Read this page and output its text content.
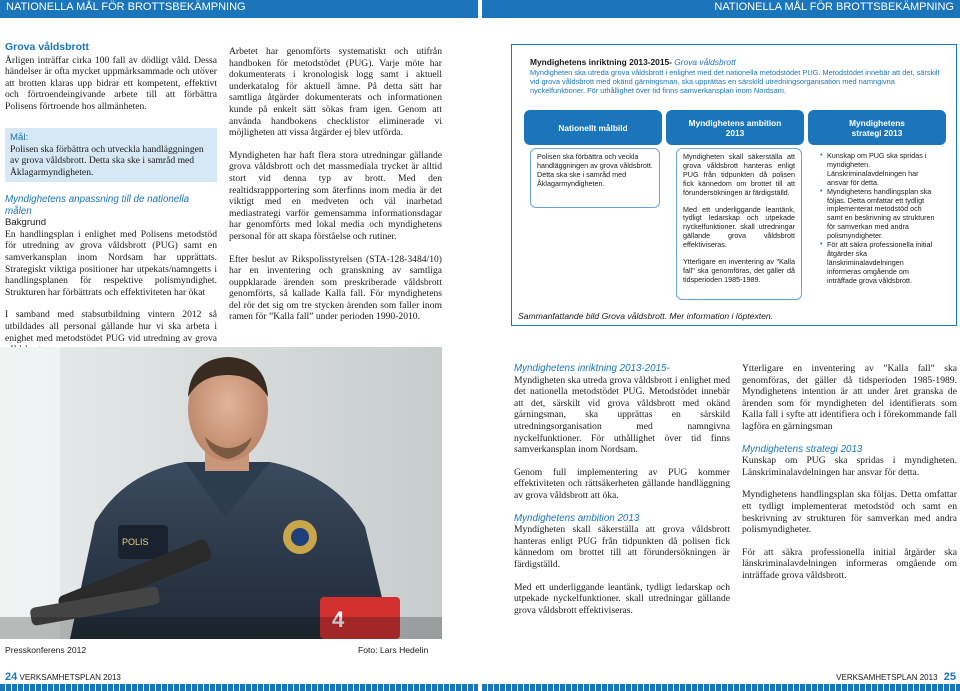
NATIONELLA MÅL FÖR BROTTSBEKÄMPNING	NATIONELLA MÅL FÖR BROTTSBEKÄMPNING
Grova våldsbrott

Årligen inträffar cirka 100 fall av dödligt våld. Dessa händelser är ofta mycket uppmärksammade och utöver att brotten klaras upp bidrar ett kompetent, effektivt och förtroendeingivande arbete till att förbättra Polisens förtroende hos allmänheten.

Mål:
Polisen ska förbättra och utveckla handläggningen av grova våldsbrott. Detta ska ske i samråd med Åklagarmyndigheten.
Myndighetens anpassning till de nationella målen
Bakgrund

En handlingsplan i enlighet med Polisens metodstöd för utredning av grova våldsbrott (PUG) samt en samverkansplan inom Nordsam har upprättats. Strategiskt viktiga positioner har utpekats/namngetts i handlingsplanen för respektive polismyndighet. Strukturen har förbättrats och effektiviteten har ökat

I samband med stabsutbildning vintern 2012 så utbildades all personal gällande hur vi ska arbeta i enighet med metodstödet PUG vid utredning av grova

Arbetet har genomförts systematiskt och utifrån handboken för metodstödet (PUG). Varje möte har dokumenterats i kronologisk logg samt i aktuell underkatalog för aktuell ämne. På detta sätt har samtliga åtgärder dokumenterats och informationen kunde på enkelt sätt sökas fram igen. Genom att använda handbokens checklistor eliminerade vi möjligheten att vissa åtgärder ej blev utförda.

Myndigheten har haft flera stora utredningar gällande grova våldsbrott och det massmediala trycket är alltid stort vid denna typ av brott. Med den realtidsrappportering som återfinns inom media är det viktigt med en medveten och väl inarbetad mediastrategi varför gemensamma informationsdagar har genomförts med lokal media och myndighetens personal för att skapa förståelse och rutiner.

Efter beslut av Rikspolisstyrelsen (STA-128-3484/10) har en inventering och granskning av samtliga ouppklarade ärenden som preskriberade våldsbrott genomförts, så kallade Kalla fall. För myndighetens del rör det sig om tre stycken ärenden som faller inom ramen för ”Kalla fall” under perioden 1990-2010.

Myndighetens inriktning 2013-2015- Grova våldsbrott
Myndigheten ska utreda grova våldsbrott i enlighet med det nationella metodstödet PUG. Metodstödet innebär att det, särskilt vid grova våldsbrott med okänd gärningsman, ska upprättas en särskild utredningsorganisation med namngivna nyckelfunktioner. För uthållighet över tid finns samverkansplan inom Nordsam.
Nationellt målbild	Myndighetens ambition 2013
Myndighetens strategi 2013
Polisen ska förbättra och veckla handläggningen av grova våldsbrott. Detta ska ske i samråd med Åklagarmyndigheten.

Myndigheten skall säkerställa att grova våldsbrott hanteras enligt PUG från tidpunkten då polisen fick kännedom om brottet till att förundersökningen är färdigställd.

Med ett underliggande leantänk, tydligt ledarskap och utpekade nyckelfunktioner. skall utredningar gällande grova våldsbrott effektiviseras.

Ytterligare en inventering av "Kalla fall" ska genomföras, det gäller då tidsperioden 1985-1989.

• Kunskap om PUG ska spridas i myndigheten. Länskriminalavdelningen har ansvar för detta.
• Myndighetens handlingsplan ska följas. Detta omfattar ett tydligt implementerat metodstöd och samt en beskrivning av strukturen för samverkan med andra polismyndigheter.
• För att säkra professionella initial åtgärder ska länskriminalavdelningen informeras omgående om inträffade grova våldsbrott.
Sammanfattande bild Grova våldsbrott. Mer information i löptexten.
POLIS
4
Presskonferens 2012	Foto: Lars Hedelin
Myndighetens inriktning 2013-2015-

Myndigheten ska utreda grova våldsbrott i enlighet med det nationella metodstödet PUG. Metodstödet innebär att det, särskilt vid grova våldsbrott med okänd gärningsman, ska upprättas en särskild utredningsorganisation med namngivna nyckelfunktioner. För uthållighet över tid finns samverkansplan inom Nordsam.

Genom full implementering av PUG kommer effektiviteten och rättsäkerheten gällande handläggning av grova våldsbrott att öka.

Myndighetens ambition 2013

Myndigheten skall säkerställa att grova våldsbrott hanteras enligt PUG från tidpunkten då polisen fick kännedom om brottet till att förundersökningen är färdigställd.

Med ett underliggande leantänk, tydligt ledarskap och utpekade nyckelfunktioner. skall utredningar gällande grova våldsbrott effektiviseras.

Ytterligare en inventering av ”Kalla fall” ska genomföras, det gäller då tidsperioden 1985-1989. Myndighetens intention är att under året granska de ärenden som för myndigheten del identifierats som Kalla fall i syfte att identifiera och i förekommande fall lagföra en gärningsman

Myndighetens strategi 2013

Kunskap om PUG ska spridas i myndigheten. Länskriminalavdelningen har ansvar för detta.

Myndighetens handlingsplan ska följas. Detta omfattar ett tydligt implementerat metodstöd och samt en beskrivning av strukturen för samverkan med andra polismyndigheter.

För att säkra professionella initial åtgärder ska länskriminalavdelningen informeras omgående om inträffade grova våldsbrott.

24 VERKSAMHETSPLAN 2013	VERKSAMHETSPLAN 2013 25
